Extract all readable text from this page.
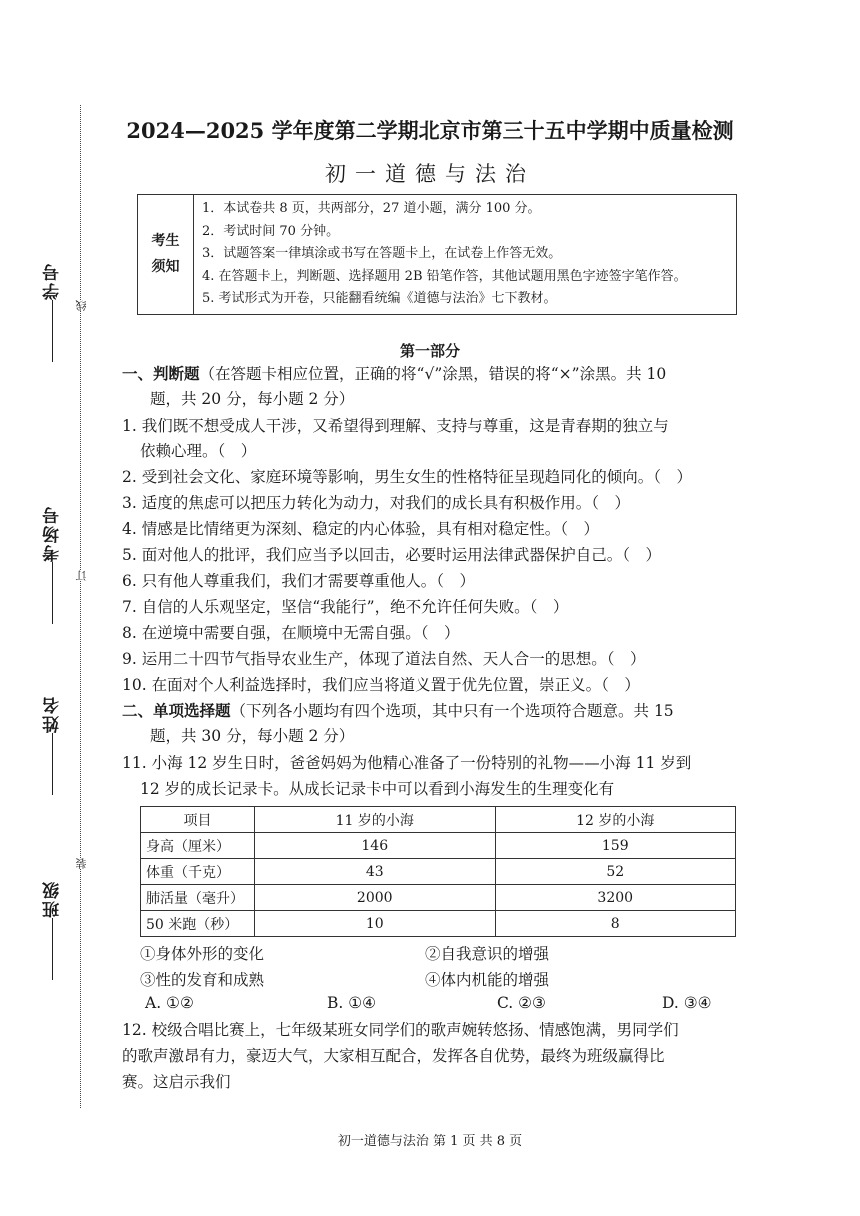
学号
考场号
姓名
班级
线
订
装
2024—2025 学年度第二学期北京市第三十五中学期中质量检测
初一道德与法治
考生
须知

1．本试卷共 8 页，共两部分，27 道小题，满分 100 分。
2．考试时间 70 分钟。
3．试题答案一律填涂或书写在答题卡上，在试卷上作答无效。
4. 在答题卡上，判断题、选择题用 2B 铅笔作答，其他试题用黑色字迹签字笔作答。
5. 考试形式为开卷，只能翻看统编《道德与法治》七下教材。
第一部分
一、判断题（在答题卡相应位置，正确的将“√”涂黑，错误的将“×”涂黑。共 10
题，共 20 分，每小题 2 分）
1. 我们既不想受成人干涉，又希望得到理解、支持与尊重，这是青春期的独立与
依赖心理。（　）
2. 受到社会文化、家庭环境等影响，男生女生的性格特征呈现趋同化的倾向。（　）
3. 适度的焦虑可以把压力转化为动力，对我们的成长具有积极作用。（　）
4. 情感是比情绪更为深刻、稳定的内心体验，具有相对稳定性。（　）
5. 面对他人的批评，我们应当予以回击，必要时运用法律武器保护自己。（　）
6. 只有他人尊重我们，我们才需要尊重他人。（　）
7. 自信的人乐观坚定，坚信“我能行”，绝不允许任何失败。（　）
8. 在逆境中需要自强，在顺境中无需自强。（　）
9. 运用二十四节气指导农业生产，体现了道法自然、天人合一的思想。（　）
10. 在面对个人利益选择时，我们应当将道义置于优先位置，崇正义。（　）
二、单项选择题（下列各小题均有四个选项，其中只有一个选项符合题意。共 15
题，共 30 分，每小题 2 分）
11. 小海 12 岁生日时，爸爸妈妈为他精心准备了一份特别的礼物——小海 11 岁到
12 岁的成长记录卡。从成长记录卡中可以看到小海发生的生理变化有
项目	11 岁的小海	12 岁的小海
身高（厘米）	146	159
体重（千克）	43	52
肺活量（毫升）	2000	3200
50 米跑（秒）	10	8
①身体外形的变化	②自我意识的增强
③性的发育和成熟	④体内机能的增强
A. ①②	B. ①④	C. ②③	D. ③④
12. 校级合唱比赛上，七年级某班女同学们的歌声婉转悠扬、情感饱满，男同学们
的歌声激昂有力，豪迈大气，大家相互配合，发挥各自优势，最终为班级赢得比
赛。这启示我们
初一道德与法治 第 1 页 共 8 页
